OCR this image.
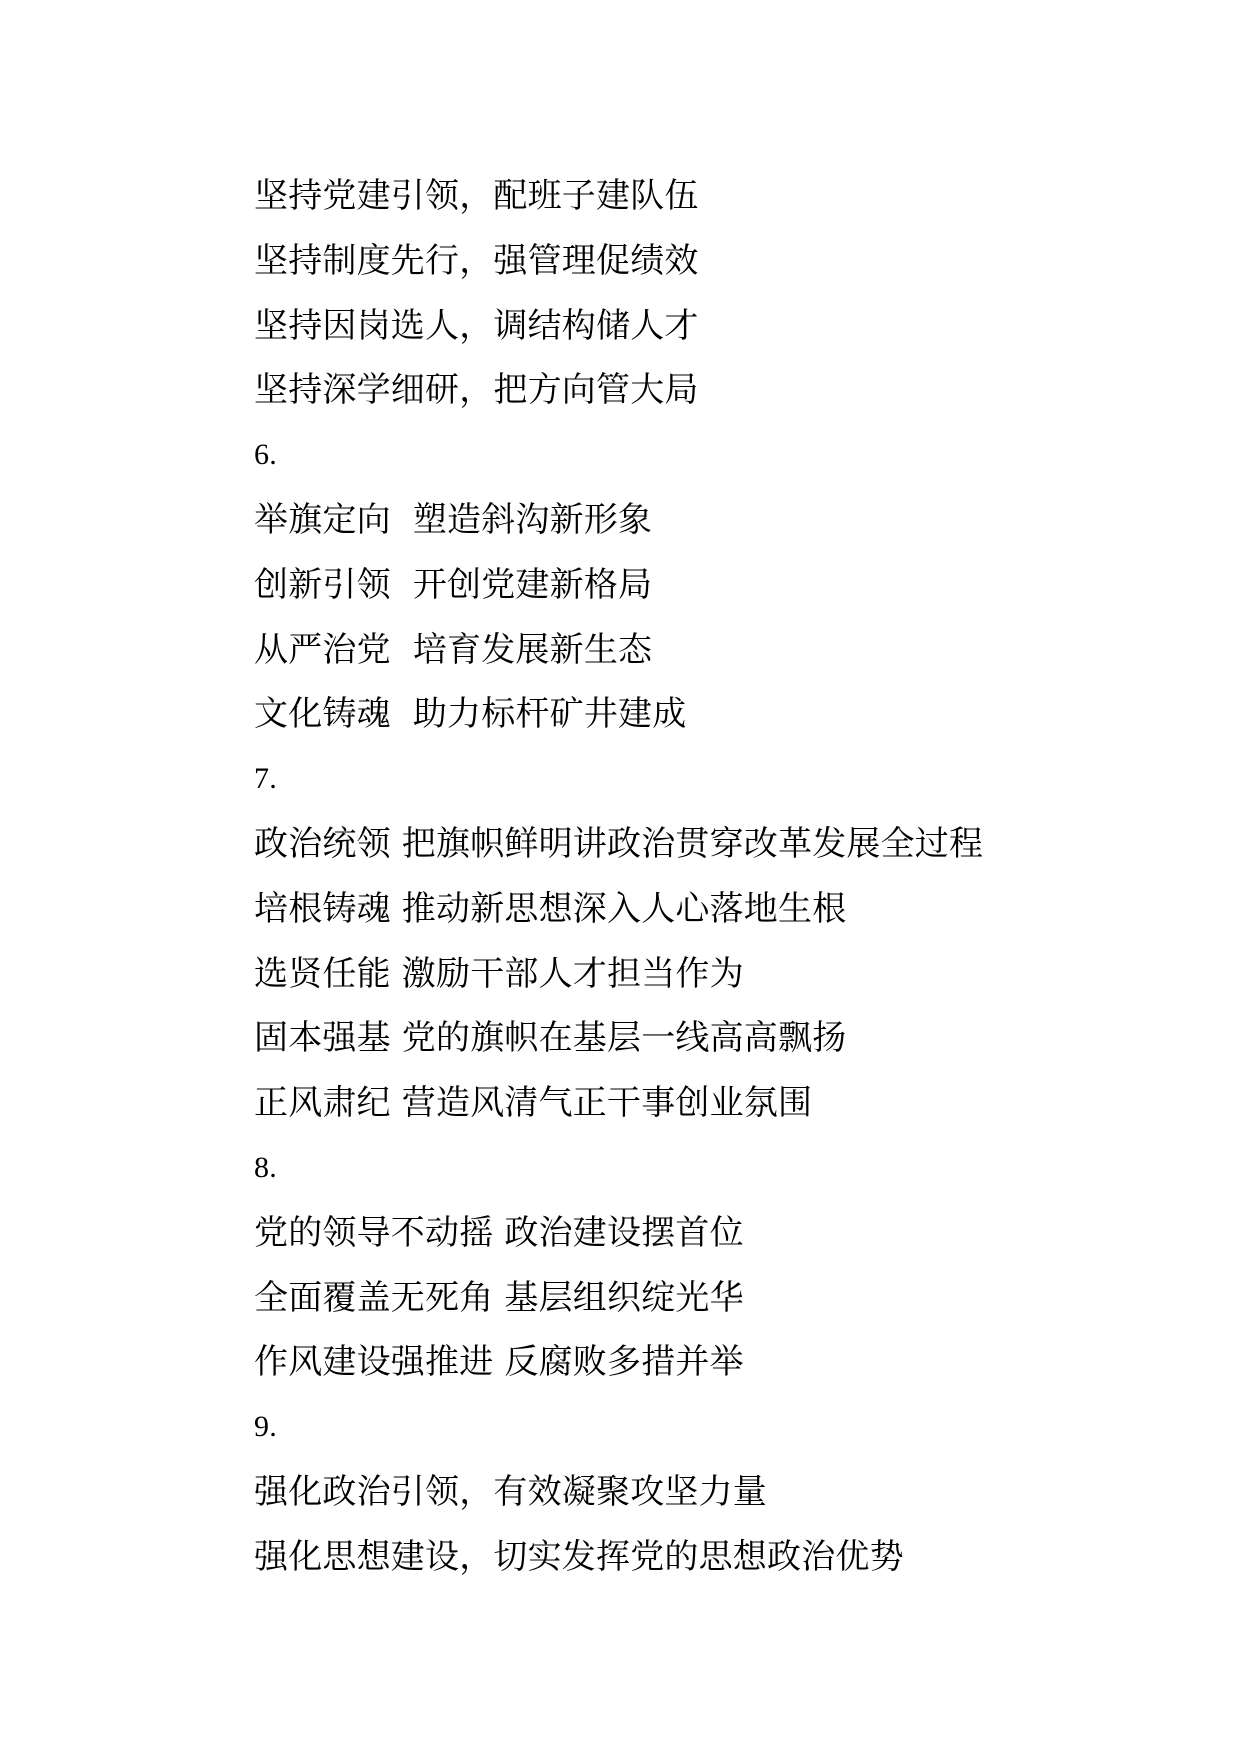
坚持党建引领，配班子建队伍
坚持制度先行，强管理促绩效
坚持因岗选人，调结构储人才
坚持深学细研，把方向管大局
6.
举旗定向  塑造斜沟新形象
创新引领  开创党建新格局
从严治党  培育发展新生态
文化铸魂  助力标杆矿井建成
7.
政治统领 把旗帜鲜明讲政治贯穿改革发展全过程
培根铸魂 推动新思想深入人心落地生根
选贤任能 激励干部人才担当作为
固本强基 党的旗帜在基层一线高高飘扬
正风肃纪 营造风清气正干事创业氛围
8.
党的领导不动摇 政治建设摆首位
全面覆盖无死角 基层组织绽光华
作风建设强推进 反腐败多措并举
9.
强化政治引领，有效凝聚攻坚力量
强化思想建设，切实发挥党的思想政治优势
